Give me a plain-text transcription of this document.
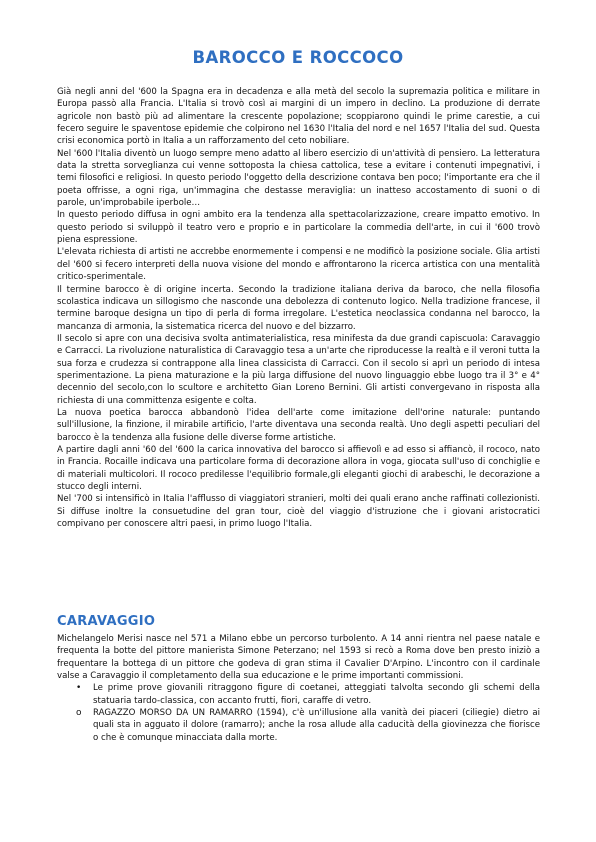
BAROCCO E ROCCOCO

Già negli anni del '600 la Spagna era in decadenza e alla metà del secolo la supremazia politica e militare in Europa passò alla Francia. L'Italia si trovò così ai margini di un impero in declino. La produzione di derrate agricole non bastò più ad alimentare la crescente popolazione; scoppiarono quindi le prime carestie, a cui fecero seguire le spaventose epidemie che colpirono nel 1630 l'Italia del nord e nel 1657 l'Italia del sud. Questa crisi economica portò in Italia a un rafforzamento del ceto nobiliare.

Nel '600 l'Italia diventò un luogo sempre meno adatto al libero esercizio di un'attività di pensiero. La letteratura data la stretta sorveglianza cui venne sottoposta la chiesa cattolica, tese a evitare i contenuti impegnativi, i temi filosofici e religiosi. In questo periodo l'oggetto della descrizione contava ben poco; l'importante era che il poeta offrisse, a ogni riga, un'immagina che destasse meraviglia: un inatteso accostamento di suoni o di parole, un'improbabile iperbole…

In questo periodo diffusa in ogni ambito era la tendenza alla spettacolarizzazione, creare impatto emotivo. In questo periodo si sviluppò il teatro vero e proprio e in particolare la commedia dell'arte, in cui il '600 trovò piena espressione.

L'elevata richiesta di artisti ne accrebbe enormemente i compensi e ne modificò la posizione sociale. Glia artisti del '600 si fecero interpreti della nuova visione del mondo e affrontarono la ricerca artistica con una mentalità critico-sperimentale.

Il termine barocco è di origine incerta. Secondo la tradizione italiana deriva da baroco, che nella filosofia scolastica indicava un sillogismo che nasconde una debolezza di contenuto logico. Nella tradizione francese, il termine baroque designa un tipo di perla di forma irregolare. L'estetica neoclassica condanna nel barocco, la mancanza di armonia, la sistematica ricerca del nuovo e del bizzarro.

Il secolo si apre con una decisiva svolta antimaterialistica, resa minifesta da due grandi capiscuola: Caravaggio e Carracci. La rivoluzione naturalistica di Caravaggio tesa a un'arte che riproducesse la realtà e il veroni tutta la sua forza e crudezza si contrappone alla linea classicista di Carracci. Con il secolo si aprì un periodo di intesa sperimentazione. La piena maturazione e la più larga diffusione del nuovo linguaggio ebbe luogo tra il 3° e 4° decennio del secolo,con lo scultore e architetto Gian Loreno Bernini. Gli artisti convergevano in risposta alla richiesta di una committenza esigente e colta.

La nuova poetica barocca abbandonò l'idea dell'arte come imitazione dell'orine naturale: puntando sull'illusione, la finzione, il mirabile artificio, l'arte diventava una seconda realtà. Uno degli aspetti peculiari del barocco è la tendenza alla fusione delle diverse forme artistiche.

A partire dagli anni '60 del '600 la carica innovativa del barocco si affievolì e ad esso si affiancò, il rococo, nato in Francia. Rocaille indicava una particolare forma di decorazione allora in voga, giocata sull'uso di conchiglie e di materiali multicolori. Il rococo predilesse l'equilibrio formale,gli eleganti giochi di arabeschi, le decorazione a stucco degli interni.

Nel '700 si intensificò in Italia l'afflusso di viaggiatori stranieri, molti dei quali erano anche raffinati collezionisti. Si diffuse inoltre la consuetudine del gran tour, cioè del viaggio d'istruzione che i giovani aristocratici compivano per conoscere altri paesi, in primo luogo l'Italia.

CARAVAGGIO

Michelangelo Merisi nasce nel 571 a Milano ebbe un percorso turbolento. A 14 anni rientra nel paese natale e frequenta la botte del pittore manierista Simone Peterzano; nel 1593 si recò a Roma dove ben presto iniziò a frequentare la bottega di un pittore che godeva di gran stima il Cavalier D'Arpino. L'incontro con il cardinale valse a Caravaggio il completamento della sua educazione e le prime importanti commissioni.

• Le prime prove giovanili ritraggono figure di coetanei, atteggiati talvolta secondo gli schemi della statuaria tardo-classica, con accanto frutti, fiori, caraffe di vetro.
o RAGAZZO MORSO DA UN RAMARRO (1594), c'è un'illusione alla vanità dei piaceri (ciliegie) dietro ai quali sta in agguato il dolore (ramarro); anche la rosa allude alla caducità della giovinezza che fiorisce o che è comunque minacciata dalla morte.
